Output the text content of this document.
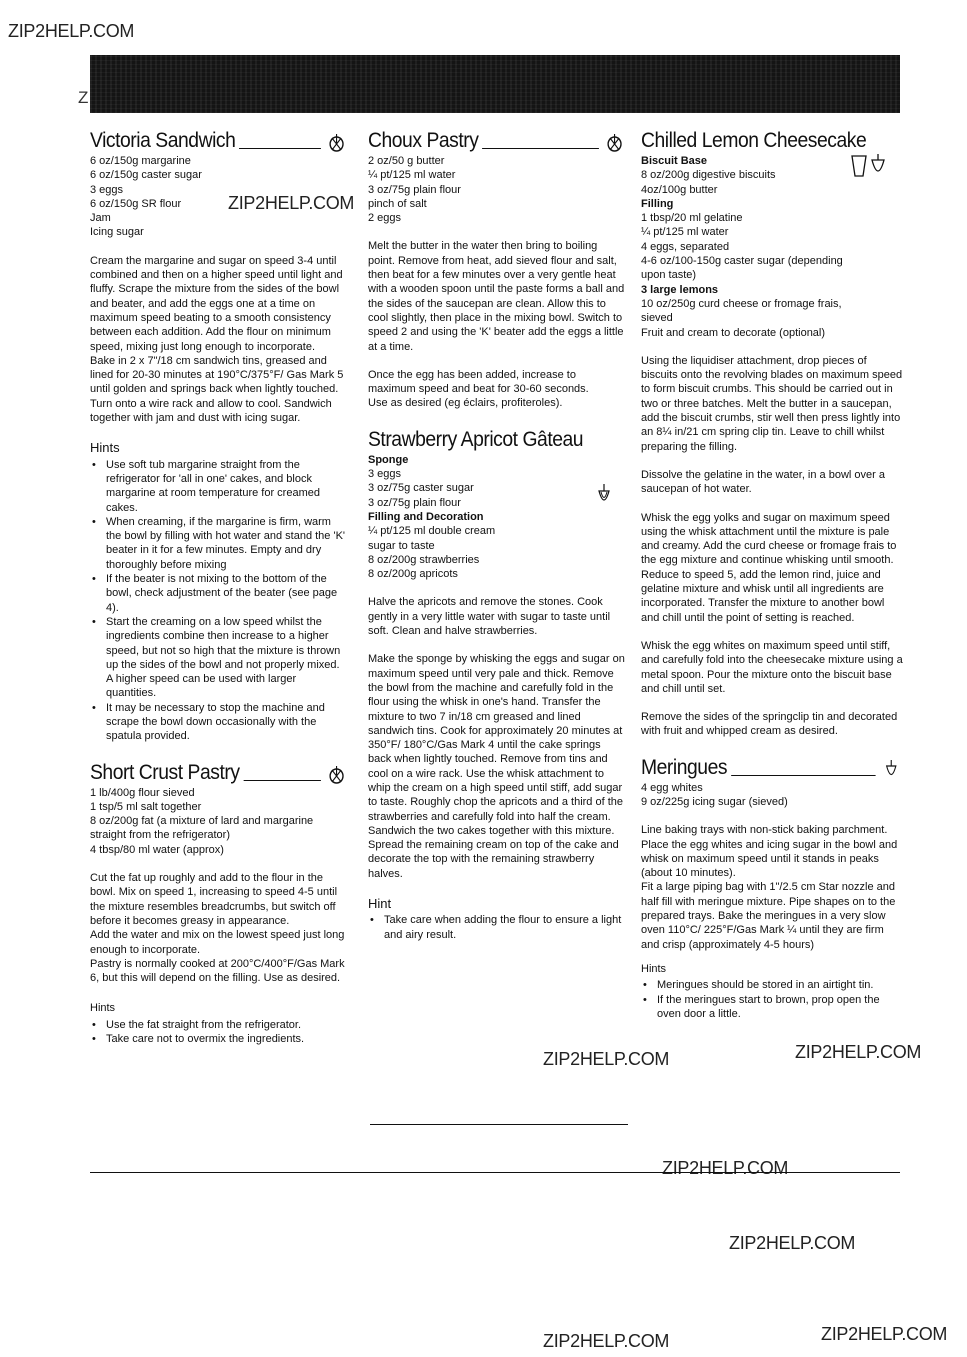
ZIP2HELP.COM
ZIP2HELP.COM
ZIP2HELP.COM	ZIP2HELP.COM
ZIP2HELP.COM
ZIP2HELP.COM
ZIP2HELP.COM	ZIP2HELP.COM
Z
Victoria Sandwich
6 oz/150g margarine
6 oz/150g caster sugar
3 eggs
6 oz/150g SR flour
Jam
Icing sugar

Cream the margarine and sugar on speed 3-4 until combined and then on a higher speed until light and fluffy. Scrape the mixture from the sides of the bowl and beater, and add the eggs one at a time on maximum speed beating to a smooth consistency between each addition. Add the flour on minimum speed, mixing just long enough to incorporate.

Bake in 2 x 7"/18 cm sandwich tins, greased and lined for 20-30 minutes at 190°C/375°F/ Gas Mark 5 until golden and springs back when lightly touched. Turn onto a wire rack and allow to cool. Sandwich together with jam and dust with icing sugar.
Hints
• Use soft tub margarine straight from the refrigerator for 'all in one' cakes, and block margarine at room temperature for creamed cakes.
• When creaming, if the margarine is firm, warm the bowl by filling with hot water and stand the 'K' beater in it for a few minutes. Empty and dry thoroughly before mixing
• If the beater is not mixing to the bottom of the bowl, check adjustment of the beater (see page 4).
• Start the creaming on a low speed whilst the ingredients combine then increase to a higher speed, but not so high that the mixture is thrown up the sides of the bowl and not properly mixed. A higher speed can be used with larger quantities.
• It may be necessary to stop the machine and scrape the bowl down occasionally with the spatula provided.
Short Crust Pastry
1 lb/400g flour sieved
1 tsp/5 ml salt together
8 oz/200g fat (a mixture of lard and margarine
straight from the refrigerator)
4 tbsp/80 ml water (approx)

Cut the fat up roughly and add to the flour in the bowl. Mix on speed 1, increasing to speed 4-5 until the mixture resembles breadcrumbs, but switch off before it becomes greasy in appearance.

Add the water and mix on the lowest speed just long enough to incorporate.
Pastry is normally cooked at 200°C/400°F/Gas Mark 6, but this will depend on the filling. Use as desired.
Hints
• Use the fat straight from the refrigerator.
• Take care not to overmix the ingredients.
Choux Pastry
2 oz/50 g butter
¼ pt/125 ml water
3 oz/75g plain flour
pinch of salt
2 eggs

Melt the butter in the water then bring to boiling point. Remove from heat, add sieved flour and salt, then beat for a few minutes over a very gentle heat with a wooden spoon until the paste forms a ball and the sides of the saucepan are clean. Allow this to cool slightly, then place in the mixing bowl. Switch to speed 2 and using the 'K' beater add the eggs a little at a time.

Once the egg has been added, increase to maximum speed and beat for 30-60 seconds.

Use as desired (eg éclairs, profiteroles).
Strawberry Apricot Gâteau
Sponge
3 eggs
3 oz/75g caster sugar
3 oz/75g plain flour
Filling and Decoration
¼ pt/125 ml double cream
sugar to taste
8 oz/200g strawberries
8 oz/200g apricots

Halve the apricots and remove the stones. Cook gently in a very little water with sugar to taste until soft. Clean and halve strawberries.

Make the sponge by whisking the eggs and sugar on maximum speed until very pale and thick. Remove the bowl from the machine and carefully fold in the flour using the whisk in one's hand. Transfer the mixture to two 7 in/18 cm greased and lined sandwich tins. Cook for approximately 20 minutes at 350°F/ 180°C/Gas Mark 4 until the cake springs back when lightly touched. Remove from tins and cool on a wire rack. Use the whisk attachment to whip the cream on a high speed until stiff, add sugar to taste. Roughly chop the apricots and a third of the strawberries and carefully fold into half the cream. Sandwich the two cakes together with this mixture. Spread the remaining cream on top of the cake and decorate the top with the remaining strawberry halves.

Hint
• Take care when adding the flour to ensure a light and airy result.
Chilled Lemon Cheesecake
Biscuit Base
8 oz/200g digestive biscuits
4oz/100g butter
Filling
1 tbsp/20 ml gelatine
¼ pt/125 ml water
4 eggs, separated
4-6 oz/100-150g caster sugar (depending
upon taste)
3 large lemons
10 oz/250g curd cheese or fromage frais,
sieved
Fruit and cream to decorate (optional)

Using the liquidiser attachment, drop pieces of biscuits onto the revolving blades on maximum speed to form biscuit crumbs. This should be carried out in two or three batches. Melt the butter in a saucepan, add the biscuit crumbs, stir well then press lightly into an 8¼ in/21 cm spring clip tin. Leave to chill whilst preparing the filling.

Dissolve the gelatine in the water, in a bowl over a saucepan of hot water.

Whisk the egg yolks and sugar on maximum speed using the whisk attachment until the mixture is pale and creamy. Add the curd cheese or fromage frais to the egg mixture and continue whisking until smooth. Reduce to speed 5, add the lemon rind, juice and gelatine mixture and whisk until all ingredients are incorporated. Transfer the mixture to another bowl and chill until the point of setting is reached.

Whisk the egg whites on maximum speed until stiff, and carefully fold into the cheesecake mixture using a metal spoon. Pour the mixture onto the biscuit base and chill until set.

Remove the sides of the springclip tin and decorated with fruit and whipped cream as desired.

Meringues
4 egg whites
9 oz/225g icing sugar (sieved)

Line baking trays with non-stick baking parchment. Place the egg whites and icing sugar in the bowl and whisk on maximum speed until it stands in peaks (about 10 minutes).

Fit a large piping bag with 1"/2.5 cm Star nozzle and half fill with meringue mixture. Pipe shapes on to the prepared trays. Bake the meringues in a very slow oven 110°C/ 225°F/Gas Mark ¼ until they are firm and crisp (approximately 4-5 hours)
Hints
• Meringues should be stored in an airtight tin.
• If the meringues start to brown, prop open the oven door a little.
